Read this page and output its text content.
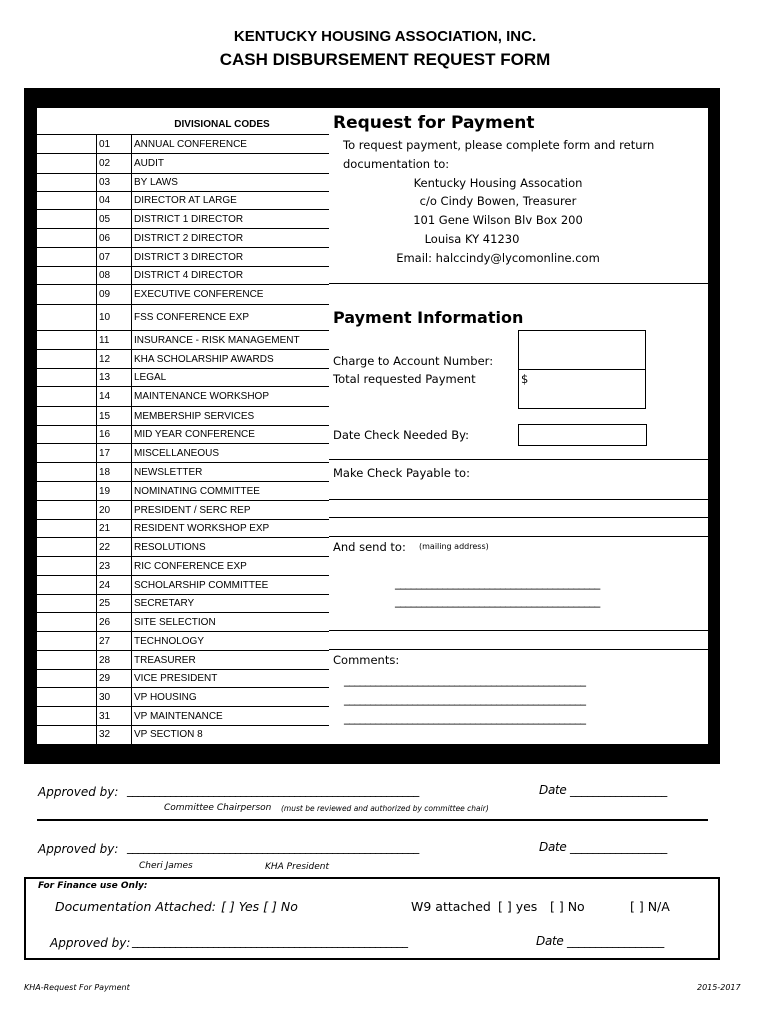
KENTUCKY HOUSING ASSOCIATION, INC.
CASH DISBURSEMENT REQUEST FORM
DIVISIONAL CODES
01 ANNUAL CONFERENCE
02 AUDIT
03 BY LAWS
04 DIRECTOR AT LARGE
05 DISTRICT 1 DIRECTOR
06 DISTRICT 2 DIRECTOR
07 DISTRICT 3 DIRECTOR
08 DISTRICT 4 DIRECTOR
09 EXECUTIVE CONFERENCE
10 FSS CONFERENCE EXP
11 INSURANCE - RISK MANAGEMENT
12 KHA SCHOLARSHIP AWARDS
13 LEGAL
14 MAINTENANCE WORKSHOP
15 MEMBERSHIP SERVICES
16 MID YEAR CONFERENCE
17 MISCELLANEOUS
18 NEWSLETTER
19 NOMINATING COMMITTEE
20 PRESIDENT / SERC REP
21 RESIDENT WORKSHOP EXP
22 RESOLUTIONS
23 RIC CONFERENCE EXP
24 SCHOLARSHIP COMMITTEE
25 SECRETARY
26 SITE SELECTION
27 TECHNOLOGY
28 TREASURER
29 VICE PRESIDENT
30 VP HOUSING
31 VP MAINTENANCE
32 VP SECTION 8
Request for Payment
To request payment, please complete form and return
documentation to:
Kentucky Housing Assocation
c/o Cindy Bowen, Treasurer
101 Gene Wilson Blv Box 200
Louisa KY 41230
Email: halccindy@lycomonline.com
Payment Information
Charge to Account Number:
Total requested Payment	$
Date Check Needed By:
Make Check Payable to:
And send to: (mailing address)
_______________________________________
_______________________________________
Comments:
______________________________________________
______________________________________________
______________________________________________
Approved by: ______________________________________________________	Date _________________
Committee Chairperson (must be reviewed and authorized by committee chair)
Approved by: ______________________________________________________	Date _________________
Cheri James	KHA President
For Finance use Only:
Documentation Attached: [ ] Yes [ ] No	W9 attached [ ] yes [ ] No	[ ] N/A
Approved by: ___________________________________________________	Date _________________
KHA-Request For Payment	2015-2017
